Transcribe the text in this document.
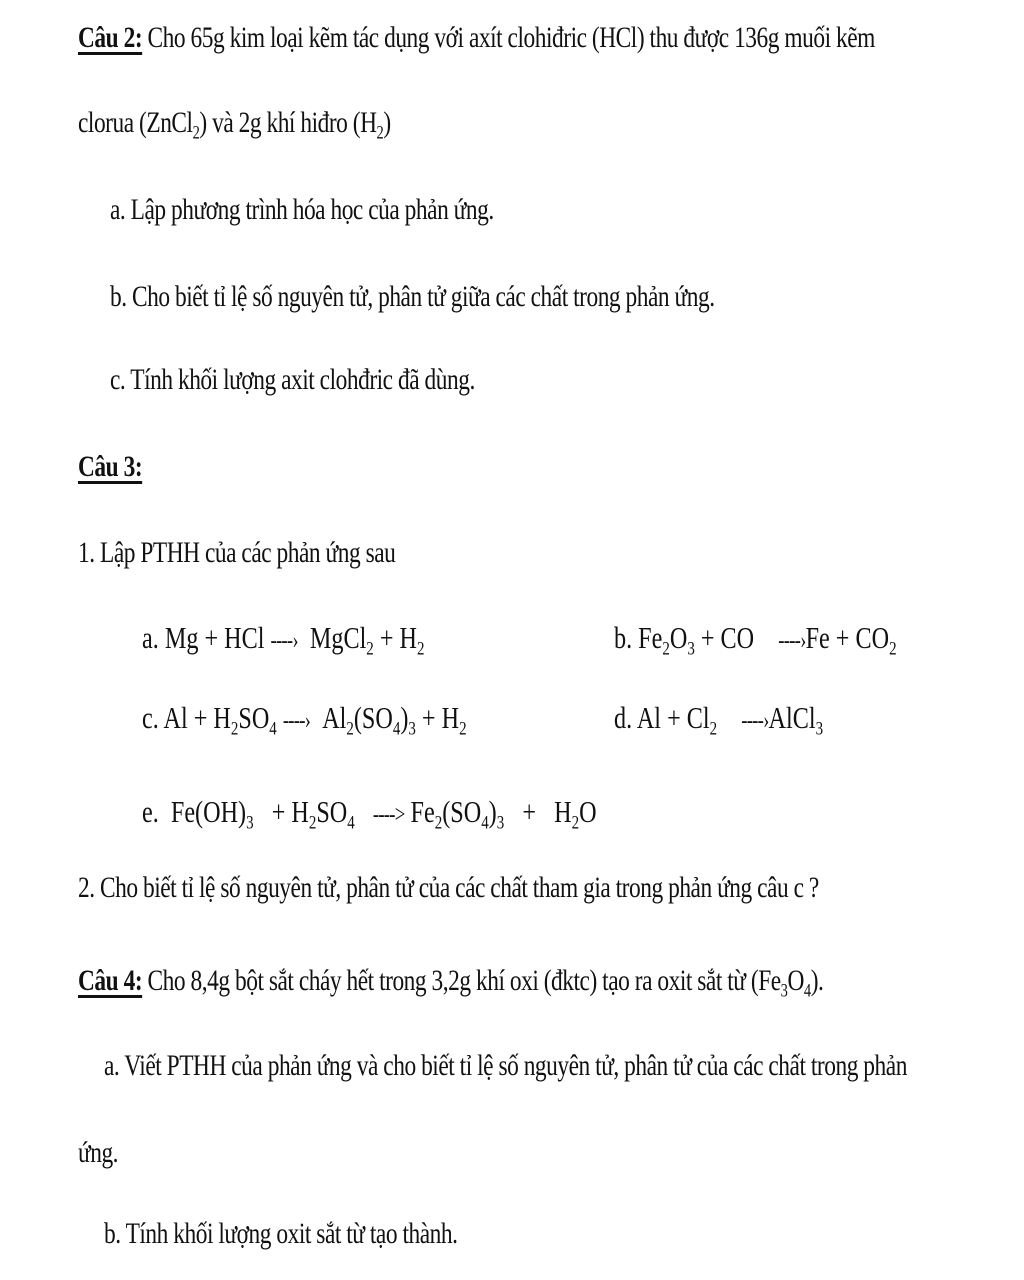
Câu 2: Cho 65g kim loại kẽm tác dụng với axít clohiđric (HCl) thu được 136g muối kẽm
clorua (ZnCl$_2$) và 2g khí hiđro $(H_2)$
a. Lập phương trình hóa học của phản ứng.
b. Cho biết tỉ lệ số nguyên tử, phân tử giữa các chất trong phản ứng.
c. Tính khối lượng axit clohđric đã dùng.
Câu 3:
1. Lập PTHH của các phản ứng sau
a. Mg + HCl ----›  MgCl$_2$ + $H_2$	b. $Fe_2O_3$ + CO    ----›Fe + $CO_2$
c. $Al + H_2SO_4$ ----›  $Al_2(SO_4)_3 + H_2$	d. $Al + Cl_2$ ----›AlCl$_3$
e.  $Fe(OH)_3 + H_2SO_4$ ----> $Fe_2(SO_4)_3 + H_2O$
2. Cho biết tỉ lệ số nguyên tử, phân tử của các chất tham gia trong phản ứng câu c ?
Câu 4: Cho 8,4g bột sắt cháy hết trong 3,2g khí oxi (đktc) tạo ra oxit sắt từ $(Fe_3O_4)$.
a. Viết PTHH của phản ứng và cho biết tỉ lệ số nguyên tử, phân tử của các chất trong phản
ứng.
b. Tính khối lượng oxit sắt từ tạo thành.
